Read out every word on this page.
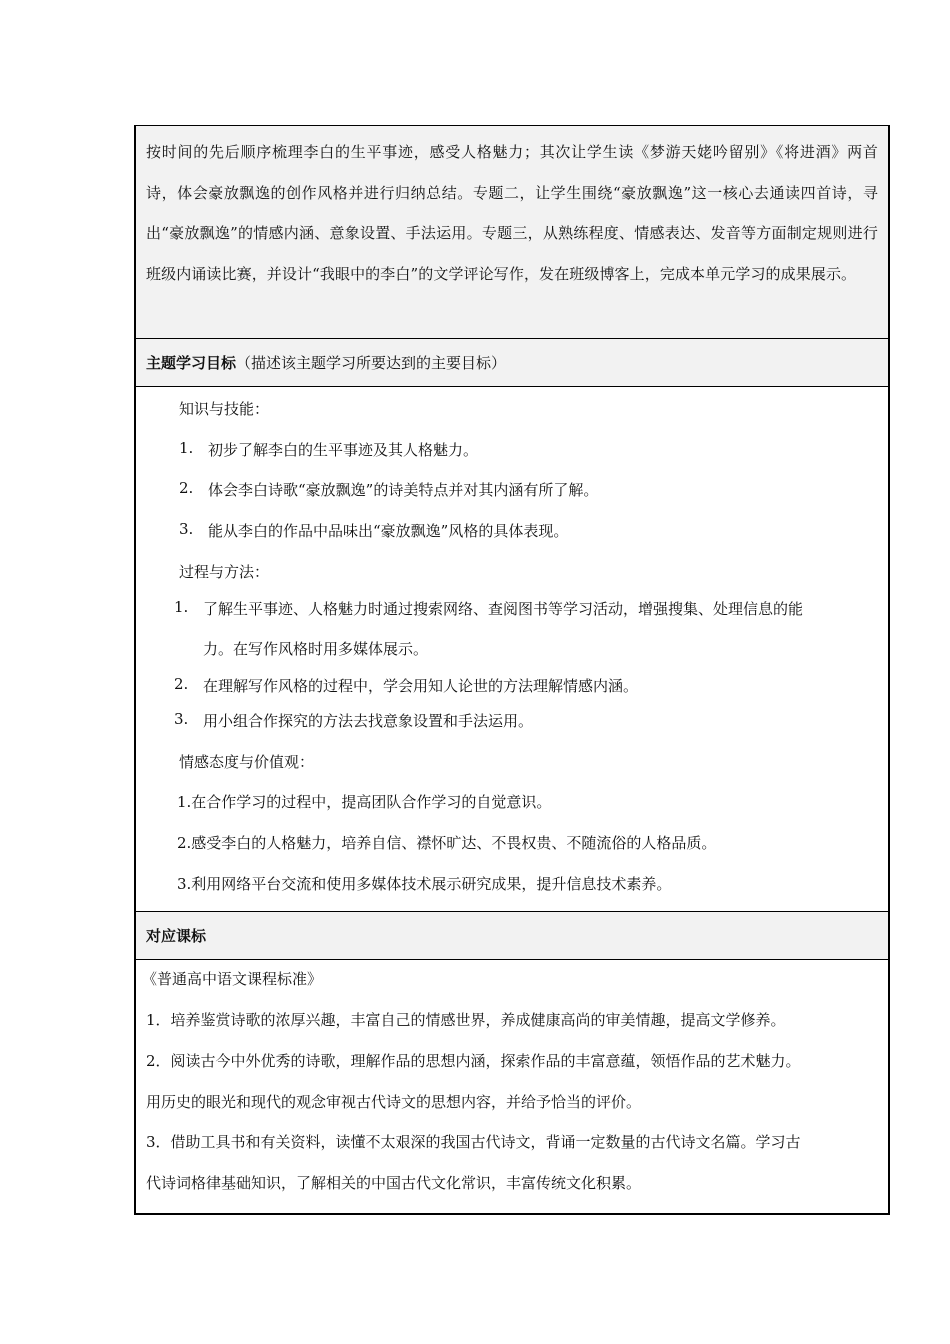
按时间的先后顺序梳理李白的生平事迹，感受人格魅力；其次让学生读《梦游天姥吟留别》《将进酒》两首诗，体会豪放飘逸的创作风格并进行归纳总结。专题二，让学生围绕“豪放飘逸”这一核心去通读四首诗，寻出“豪放飘逸”的情感内涵、意象设置、手法运用。专题三，从熟练程度、情感表达、发音等方面制定规则进行班级内诵读比赛，并设计“我眼中的李白”的文学评论写作，发在班级博客上，完成本单元学习的成果展示。

主题学习目标 （描述该主题学习所要达到的主要目标）
知识与技能：
1. 初步了解李白的生平事迹及其人格魅力。
2. 体会李白诗歌“豪放飘逸”的诗美特点并对其内涵有所了解。
3. 能从李白的作品中品味出“豪放飘逸”风格的具体表现。
过程与方法：
1. 了解生平事迹、人格魅力时通过搜索网络、查阅图书等学习活动，增强搜集、处理信息的能
力。在写作风格时用多媒体展示。
2. 在理解写作风格的过程中，学会用知人论世的方法理解情感内涵。
3. 用小组合作探究的方法去找意象设置和手法运用。
情感态度与价值观：
1.在合作学习的过程中，提高团队合作学习的自觉意识。
2.感受李白的人格魅力，培养自信、襟怀旷达、不畏权贵、不随流俗的人格品质。
3.利用网络平台交流和使用多媒体技术展示研究成果，提升信息技术素养。
对应课标
《普通高中语文课程标准》
1．培养鉴赏诗歌的浓厚兴趣，丰富自己的情感世界，养成健康高尚的审美情趣，提高文学修养。
2．阅读古今中外优秀的诗歌，理解作品的思想内涵，探索作品的丰富意蕴，领悟作品的艺术魅力。
用历史的眼光和现代的观念审视古代诗文的思想内容，并给予恰当的评价。
3．借助工具书和有关资料，读懂不太艰深的我国古代诗文，背诵一定数量的古代诗文名篇。学习古
代诗词格律基础知识，了解相关的中国古代文化常识，丰富传统文化积累。
